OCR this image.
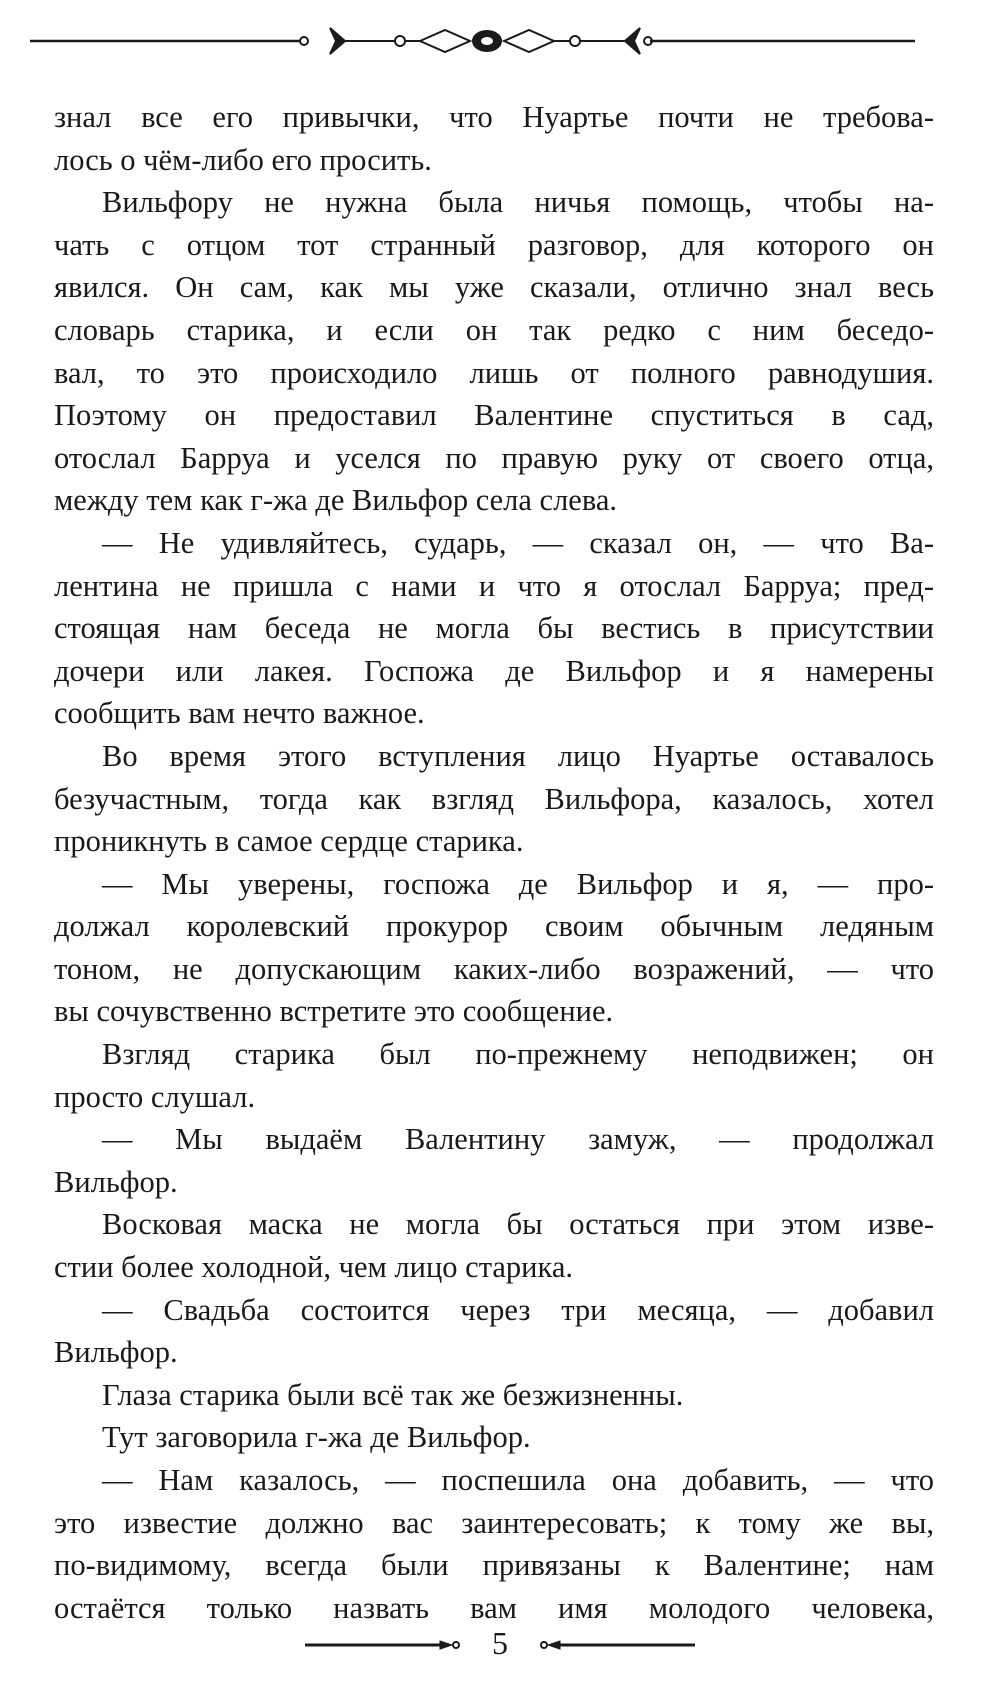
знал все его привычки, что Нуартье почти не требова-
лось о чём-либо его просить.
Вильфору не нужна была ничья помощь, чтобы на-
чать с отцом тот странный разговор, для которого он
явился. Он сам, как мы уже сказали, отлично знал весь
словарь старика, и если он так редко с ним беседо-
вал, то это происходило лишь от полного равнодушия.
Поэтому он предоставил Валентине спуститься в сад,
отослал Барруа и уселся по правую руку от своего отца,
между тем как г-жа де Вильфор села слева.
— Не удивляйтесь, сударь, — сказал он, — что Ва-
лентина не пришла с нами и что я отослал Барруа; пред-
стоящая нам беседа не могла бы вестись в присутствии
дочери или лакея. Госпожа де Вильфор и я намерены
сообщить вам нечто важное.
Во время этого вступления лицо Нуартье оставалось
безучастным, тогда как взгляд Вильфора, казалось, хотел
проникнуть в самое сердце старика.
— Мы уверены, госпожа де Вильфор и я, — про-
должал королевский прокурор своим обычным ледяным
тоном, не допускающим каких-либо возражений, — что
вы сочувственно встретите это сообщение.
Взгляд старика был по-прежнему неподвижен; он
просто слушал.
— Мы выдаём Валентину замуж, — продолжал
Вильфор.
Восковая маска не могла бы остаться при этом изве-
стии более холодной, чем лицо старика.
— Свадьба состоится через три месяца, — добавил
Вильфор.
Глаза старика были всё так же безжизненны.
Тут заговорила г-жа де Вильфор.
— Нам казалось, — поспешила она добавить, — что
это известие должно вас заинтересовать; к тому же вы,
по-видимому, всегда были привязаны к Валентине; нам
остаётся только назвать вам имя молодого человека,
5
